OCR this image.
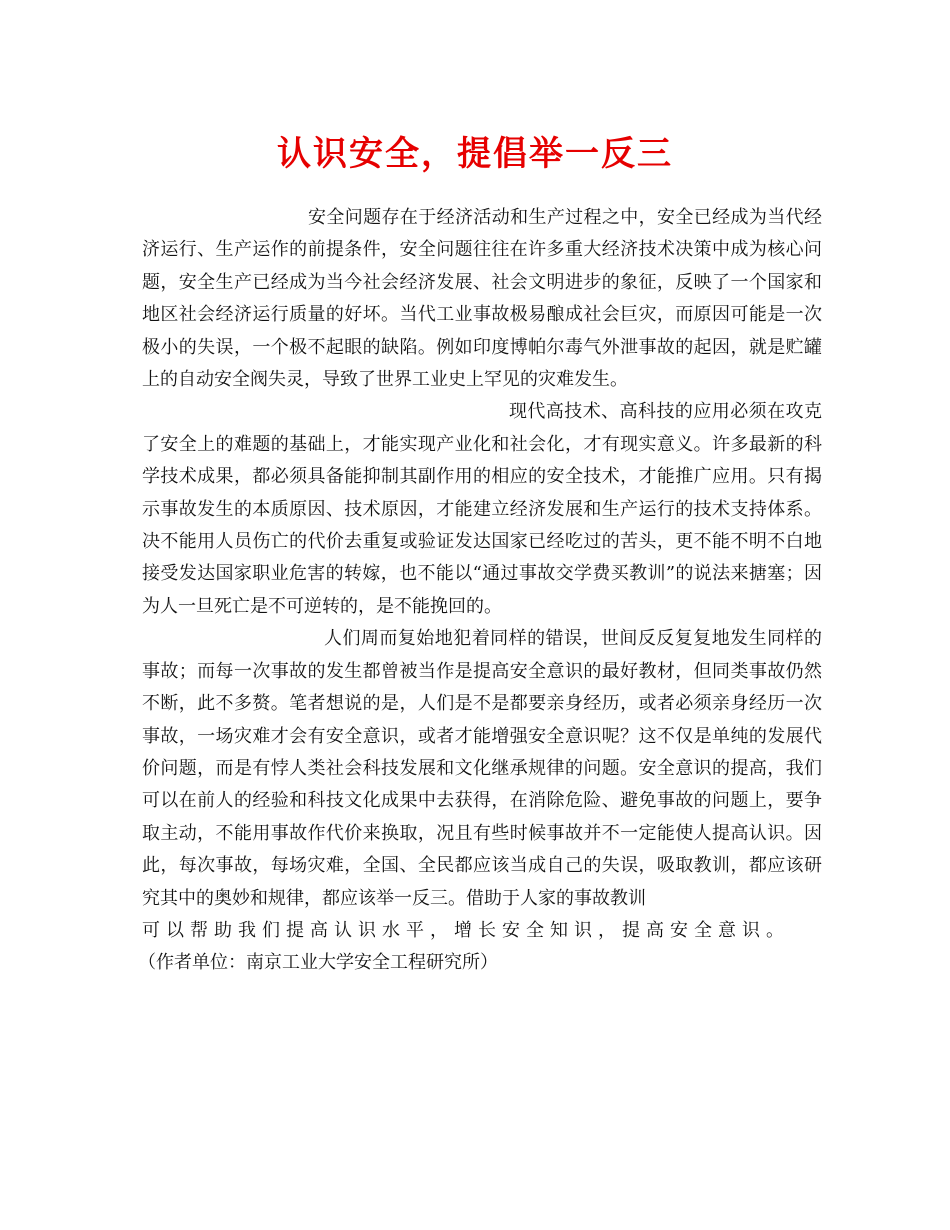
认识安全，提倡举一反三

安全问题存在于经济活动和生产过程之中，安全已经成为当代经济运行、生产运作的前提条件，安全问题往往在许多重大经济技术决策中成为核心问题，安全生产已经成为当今社会经济发展、社会文明进步的象征，反映了一个国家和地区社会经济运行质量的好坏。当代工业事故极易酿成社会巨灾，而原因可能是一次极小的失误，一个极不起眼的缺陷。例如印度博帕尔毒气外泄事故的起因，就是贮罐上的自动安全阀失灵，导致了世界工业史上罕见的灾难发生。

现代高技术、高科技的应用必须在攻克了安全上的难题的基础上，才能实现产业化和社会化，才有现实意义。许多最新的科学技术成果，都必须具备能抑制其副作用的相应的安全技术，才能推广应用。只有揭示事故发生的本质原因、技术原因，才能建立经济发展和生产运行的技术支持体系。决不能用人员伤亡的代价去重复或验证发达国家已经吃过的苦头，更不能不明不白地接受发达国家职业危害的转嫁，也不能以“通过事故交学费买教训”的说法来搪塞；因为人一旦死亡是不可逆转的，是不能挽回的。

人们周而复始地犯着同样的错误，世间反反复复地发生同样的事故；而每一次事故的发生都曾被当作是提高安全意识的最好教材，但同类事故仍然不断，此不多赘。笔者想说的是，人们是不是都要亲身经历，或者必须亲身经历一次事故，一场灾难才会有安全意识，或者才能增强安全意识呢？这不仅是单纯的发展代价问题，而是有悖人类社会科技发展和文化继承规律的问题。安全意识的提高，我们可以在前人的经验和科技文化成果中去获得，在消除危险、避免事故的问题上，要争取主动，不能用事故作代价来换取，况且有些时候事故并不一定能使人提高认识。因此，每次事故，每场灾难，全国、全民都应该当成自己的失误，吸取教训，都应该研究其中的奥妙和规律，都应该举一反三。借助于人家的事故教训
可以帮助我们提高认识水平，增长安全知识，提高安全意识。

（作者单位：南京工业大学安全工程研究所）
